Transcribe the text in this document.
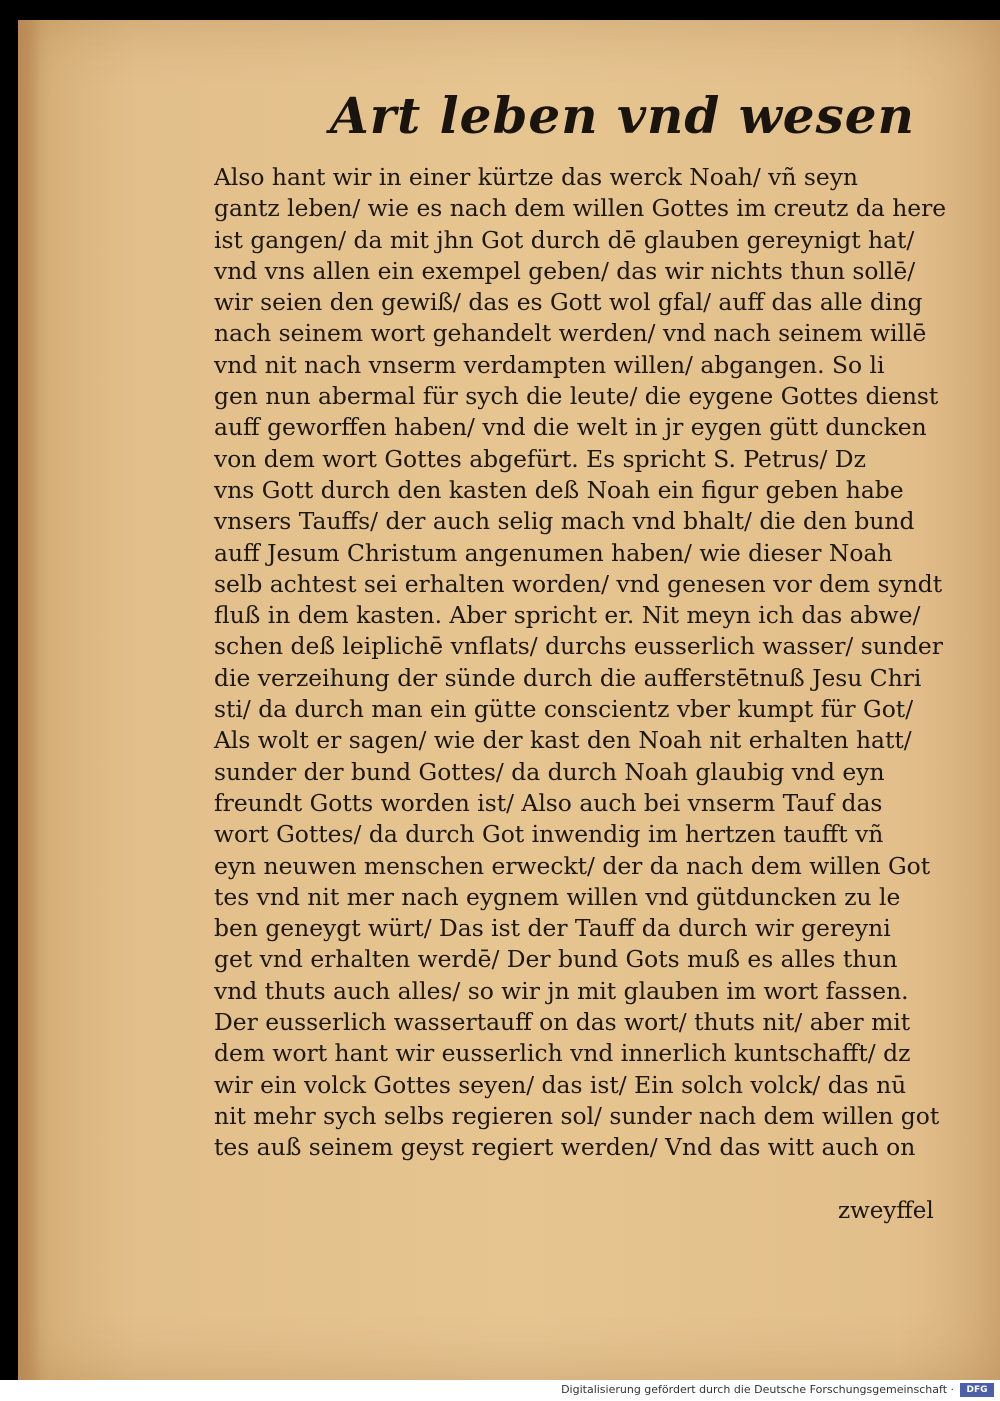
Art leben vnd wesen
Also hant wir in einer kürtze das werck Noah/ vñ seyn
gantz leben/ wie es nach dem willen Gottes im creutz da here
ist gangen/ da mit jhn Got durch dē glauben gereynigt hat/
vnd vns allen ein exempel geben/ das wir nichts thun sollē/
wir seien den gewiß/ das es Gott wol gfal/ auff das alle ding
nach seinem wort gehandelt werden/ vnd nach seinem willē
vnd nit nach vnserm verdampten willen/ abgangen. So li
gen nun abermal für sych die leute/ die eygene Gottes dienst
auff geworffen haben/ vnd die welt in jr eygen gütt duncken
von dem wort Gottes abgefürt. Es spricht S. Petrus/ Dz
vns Gott durch den kasten deß Noah ein figur geben habe
vnsers Tauffs/ der auch selig mach vnd bhalt/ die den bund
auff Jesum Christum angenumen haben/ wie dieser Noah
selb achtest sei erhalten worden/ vnd genesen vor dem syndt
fluß in dem kasten. Aber spricht er. Nit meyn ich das abwe/
schen deß leiplichē vnflats/ durchs eusserlich wasser/ sunder
die verzeihung der sünde durch die aufferstētnuß Jesu Chri
sti/ da durch man ein gütte conscientz vber kumpt für Got/
Als wolt er sagen/ wie der kast den Noah nit erhalten hatt/
sunder der bund Gottes/ da durch Noah glaubig vnd eyn
freundt Gotts worden ist/ Also auch bei vnserm Tauf das
wort Gottes/ da durch Got inwendig im hertzen taufft vñ
eyn neuwen menschen erweckt/ der da nach dem willen Got
tes vnd nit mer nach eygnem willen vnd gütduncken zu le
ben geneygt würt/ Das ist der Tauff da durch wir gereyni
get vnd erhalten werdē/ Der bund Gots muß es alles thun
vnd thuts auch alles/ so wir jn mit glauben im wort fassen.
Der eusserlich wassertauff on das wort/ thuts nit/ aber mit
dem wort hant wir eusserlich vnd innerlich kuntschafft/ dz
wir ein volck Gottes seyen/ das ist/ Ein solch volck/ das nū
nit mehr sych selbs regieren sol/ sunder nach dem willen got
tes auß seinem geyst regiert werden/ Vnd das witt auch on
zweyffel
Digitalisierung gefördert durch die Deutsche Forschungsgemeinschaft ·	DFG
